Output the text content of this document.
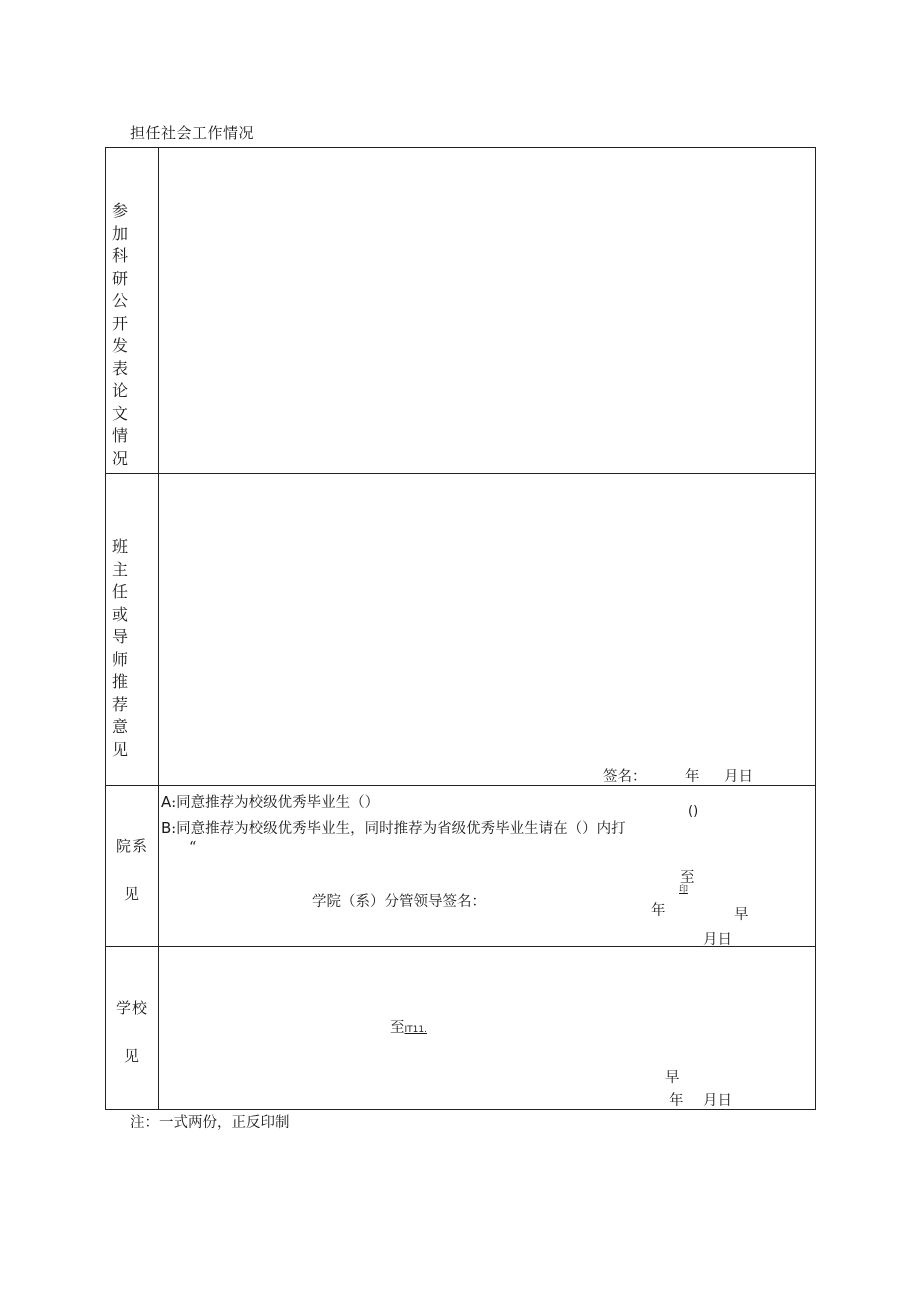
担任社会工作情况
参加科研公开发表论文情况
班主任或导师推荐意见
签名：	年 月日
院系
见
A:同意推荐为校级优秀毕业生（）
B:同意推荐为校级优秀毕业生，同时推荐为省级优秀毕业生请在（）内打
“
()
学院（系）分管领导签名：
至
印
年	早
月日
学校
见
至IT11.
早
年 月日
注：一式两份，正反印制
